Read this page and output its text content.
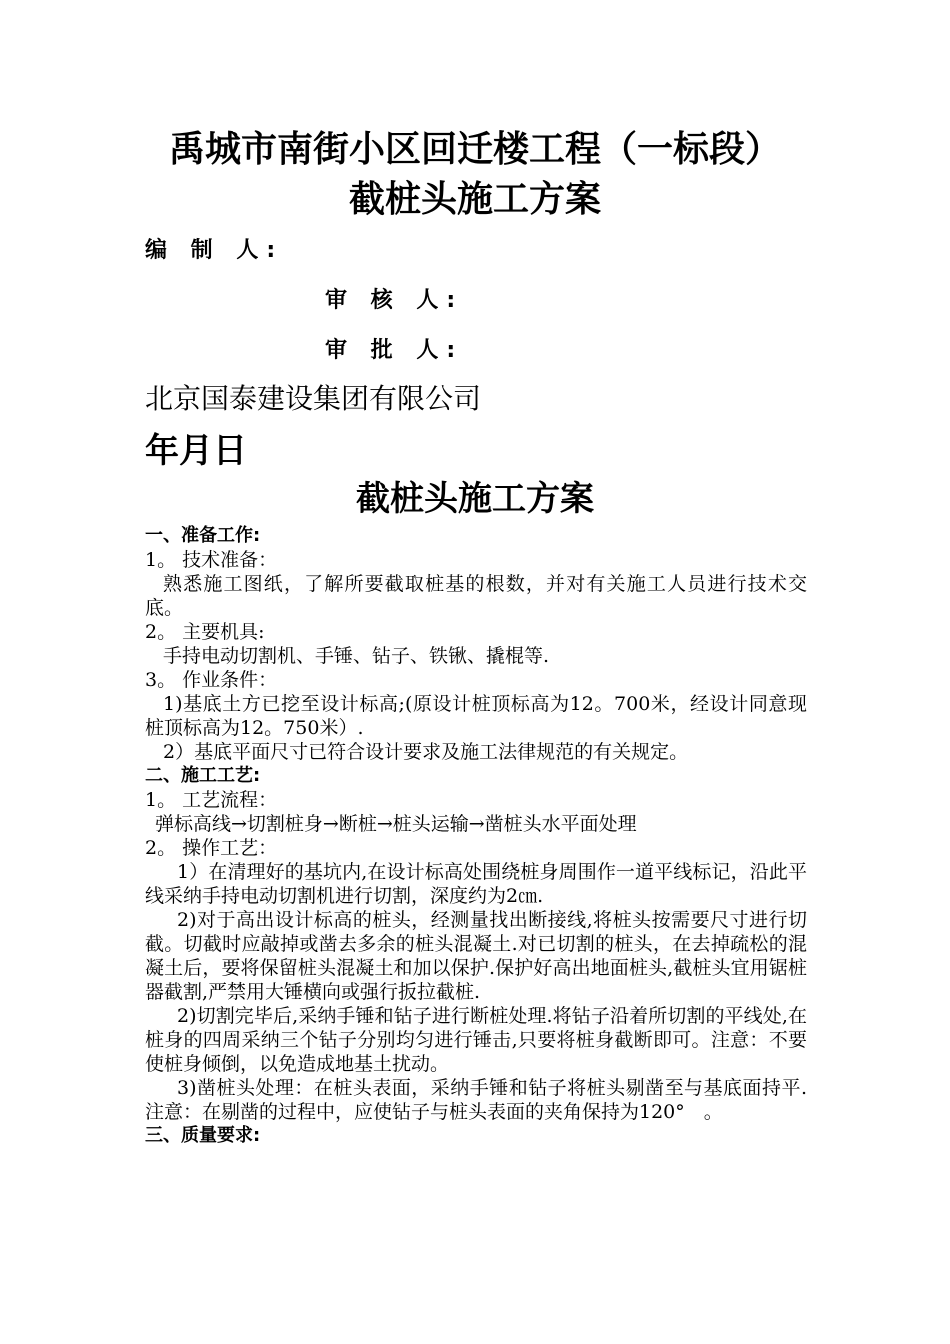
禹城市南街小区回迁楼工程（一标段）
截桩头施工方案
编 制 人:
审 核 人:
审 批 人:
北京国泰建设集团有限公司
年月日
截桩头施工方案

一、准备工作:

1。 技术准备：

熟悉施工图纸，了解所要截取桩基的根数，并对有关施工人员进行技术交底。

2。 主要机具:

手持电动切割机、手锤、钻子、铁锹、撬棍等.

3。 作业条件：

1)基底土方已挖至设计标高;(原设计桩顶标高为12。700米，经设计同意现桩顶标高为12。750米）.

2）基底平面尺寸已符合设计要求及施工法律规范的有关规定。

二、施工工艺:

1。 工艺流程：

弹标高线→切割桩身→断桩→桩头运输→凿桩头水平面处理

2。 操作工艺：

1）在清理好的基坑内,在设计标高处围绕桩身周围作一道平线标记，沿此平线采纳手持电动切割机进行切割，深度约为2㎝.

2)对于高出设计标高的桩头，经测量找出断接线,将桩头按需要尺寸进行切截。切截时应敲掉或凿去多余的桩头混凝土.对已切割的桩头，在去掉疏松的混凝土后，要将保留桩头混凝土和加以保护.保护好高出地面桩头,截桩头宜用锯桩器截割,严禁用大锤横向或强行扳拉截桩.

2)切割完毕后,采纳手锤和钻子进行断桩处理.将钻子沿着所切割的平线处,在桩身的四周采纳三个钻子分别均匀进行锤击,只要将桩身截断即可。注意：不要使桩身倾倒，以免造成地基土扰动。

3)凿桩头处理：在桩头表面，采纳手锤和钻子将桩头剔凿至与基底面持平.注意：在剔凿的过程中，应使钻子与桩头表面的夹角保持为120°　。

三、质量要求:
